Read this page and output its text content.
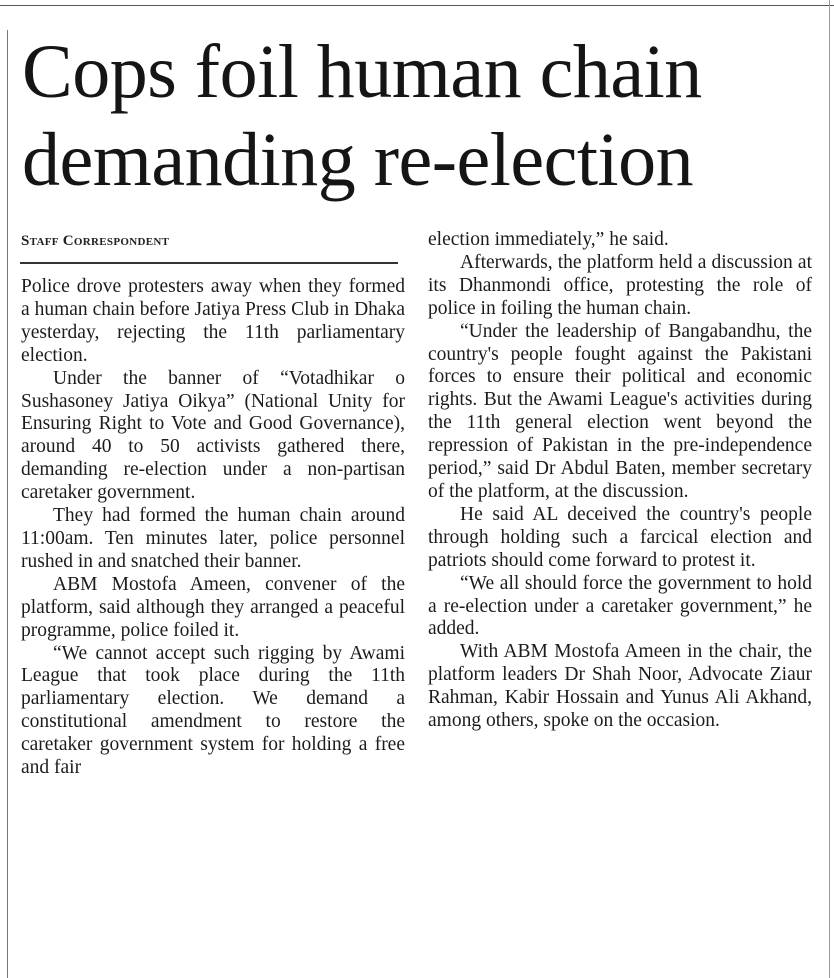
Cops foil human chain
demanding re-election
Staff Correspondent

Police drove protesters away when they formed a human chain before Jatiya Press Club in Dhaka yesterday, rejecting the 11th parliamentary election.

Under the banner of “Votadhikar o Sushasoney Jatiya Oikya” (National Unity for Ensuring Right to Vote and Good Governance), around 40 to 50 activists gathered there, demanding re-election under a non-partisan caretaker government.

They had formed the human chain around 11:00am. Ten minutes later, police personnel rushed in and snatched their banner.

ABM Mostofa Ameen, convener of the platform, said although they arranged a peaceful programme, police foiled it.

“We cannot accept such rigging by Awami League that took place during the 11th parliamentary election. We demand a constitutional amendment to restore the caretaker government system for holding a free and fair

election immediately,” he said.

Afterwards, the platform held a discussion at its Dhanmondi office, protesting the role of police in foiling the human chain.

“Under the leadership of Bangabandhu, the country's people fought against the Pakistani forces to ensure their political and economic rights. But the Awami League's activities during the 11th general election went beyond the repression of Pakistan in the pre-independence period,” said Dr Abdul Baten, member secretary of the platform, at the discussion.

He said AL deceived the country's people through holding such a farcical election and patriots should come forward to protest it.

“We all should force the government to hold a re-election under a caretaker government,” he added.

With ABM Mostofa Ameen in the chair, the platform leaders Dr Shah Noor, Advocate Ziaur Rahman, Kabir Hossain and Yunus Ali Akhand, among others, spoke on the occasion.
